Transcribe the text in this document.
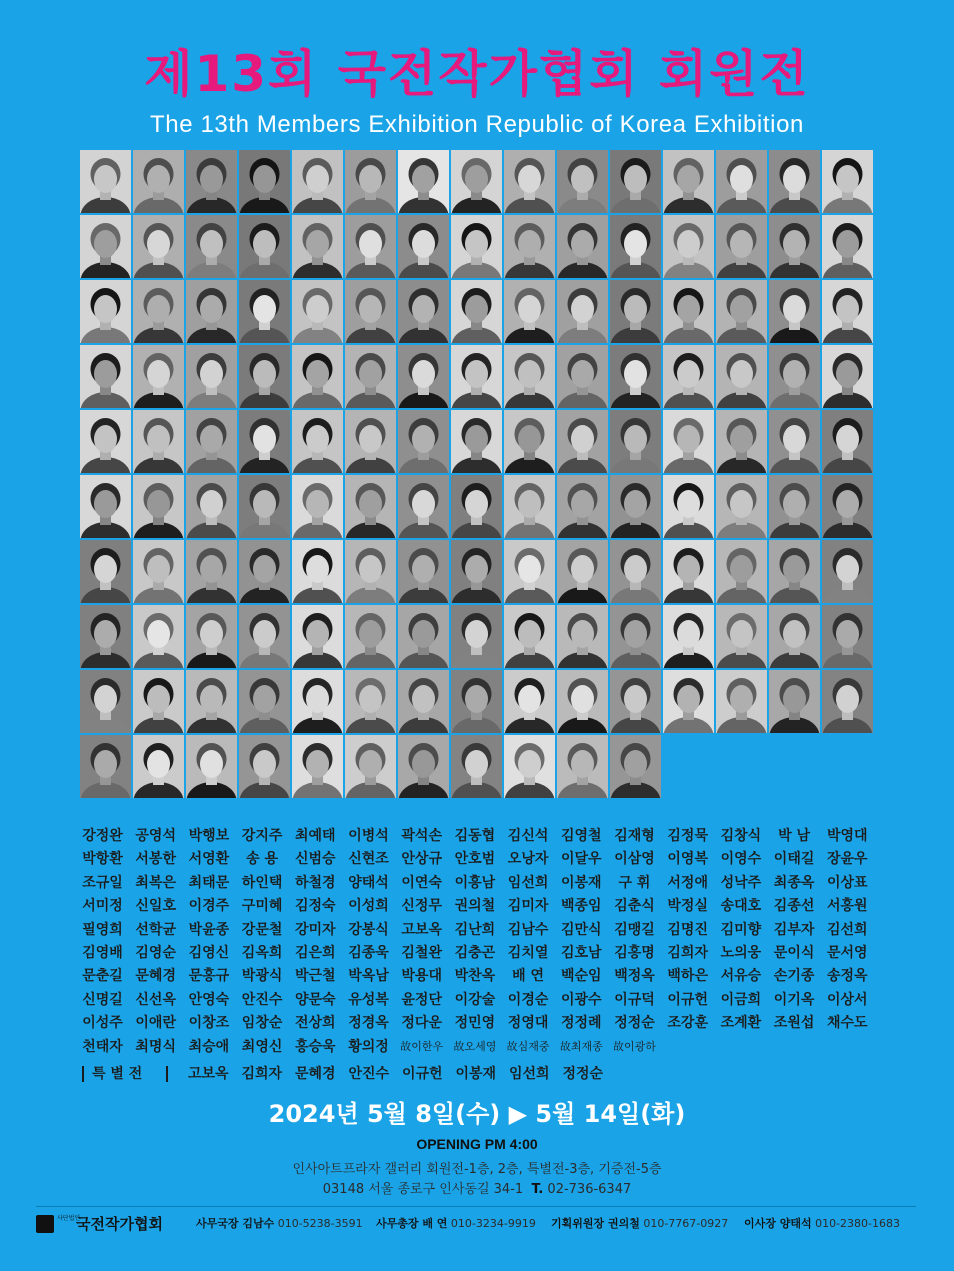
제13회 국전작가협회 회원전
The 13th Members Exhibition Republic of Korea Exhibition
강정완 공영석 박행보 강지주 최예태 이병석 곽석손 김동협 김신석 김영철 김재형 김정묵 김창식	박 남	박영대
박항환 서봉한 서영환	송 용	신범승 신현조 안상규 안호범 오낭자 이달우 이삼영 이영복 이영수 이태길 장윤우
조규일 최복은 최태문 하인택 하철경 양태석 이연숙 이흥남 임선희 이봉재	구 휘	서정애 성낙주 최종옥 이상표
서미정 신일호 이경주 구미혜 김정숙 이성희 신정무 권의철 김미자 백종임 김춘식 박정실 송대호 김종선 서홍원
필영희 선학균 박윤종 강문철 강미자 강봉식 고보옥 김난희 김남수 김만식 김맹길 김명진 김미향 김부자 김선희
김영배 김영순 김영신 김옥희 김은희 김종욱 김철완 김충곤 김치열 김호남 김홍명 김희자 노의웅 문이식 문서영
문춘길 문혜경 문홍규 박광식 박근철 박옥남 박용대 박찬옥	배 연	백순임 백정옥 백하은 서유승 손기종 송정옥
신명길 신선옥 안영숙 안진수 양문숙 유성복 윤정단 이강술 이경순 이광수 이규덕 이규헌 이금희 이기옥 이상서
이성주 이애란 이창조 임창순 전상희 정경옥 정다운 정민영 정영대 정정례 정정순 조강훈 조계환 조원섭 채수도
천태자 최명식 최승애 최영신 홍승욱 황의정	故이한우 故오세영 故심재중 故최재종 故이광하
특 별 전	고보옥 김희자 문혜경 안진수 이규헌 이봉재 임선희 정정순
2024년 5월 8일(수) ▶ 5월 14일(화)
OPENING PM 4:00
인사아트프라자 갤러리 회원전-1층, 2층, 특별전-3층, 기증전-5층
03148 서울 종로구 인사동길 34-1 T. 02-736-6347
사단법인
국전작가협회	사무국장 김남수 010-5238-3591 사무총장 배 연 010-3234-9919 기획위원장 권의철 010-7767-0927 이사장 양태석 010-2380-1683
